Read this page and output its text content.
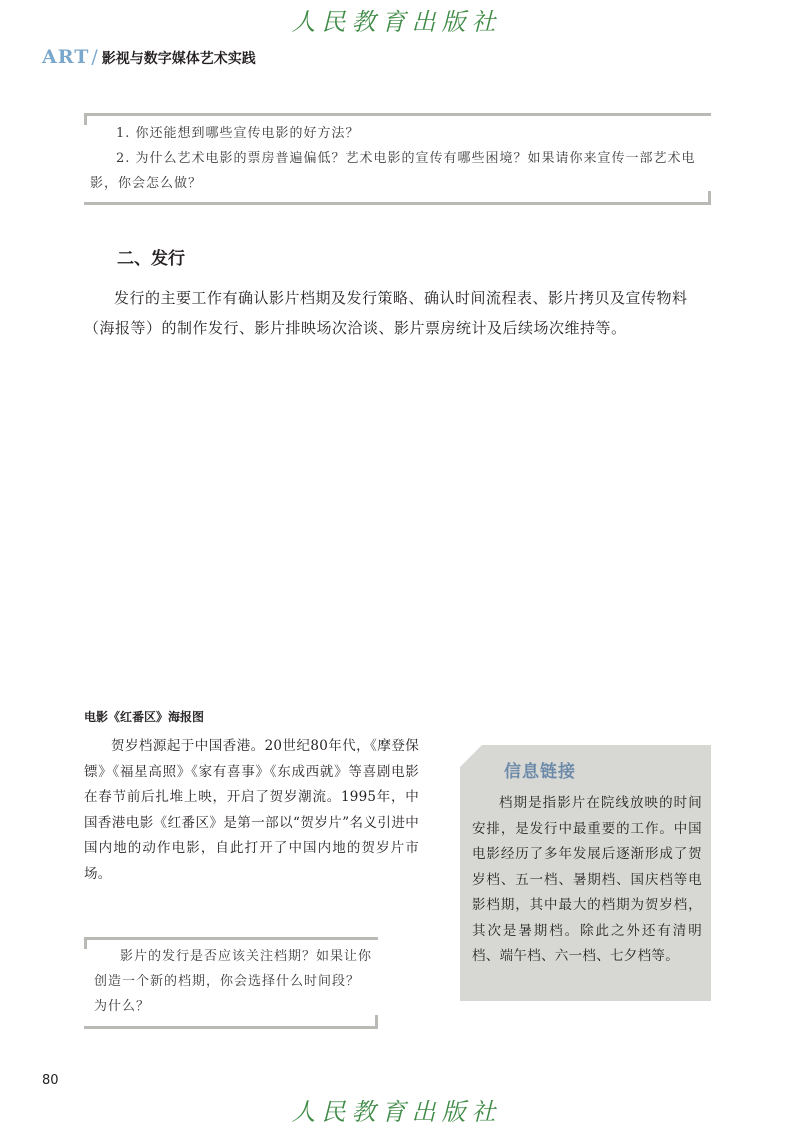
人民教育出版社
ART / 影视与数字媒体艺术实践

1. 你还能想到哪些宣传电影的好方法？

2. 为什么艺术电影的票房普遍偏低？艺术电影的宣传有哪些困境？如果请你来宣传一部艺术电影，你会怎么做？

二、发行

发行的主要工作有确认影片档期及发行策略、确认时间流程表、影片拷贝及宣传物料（海报等）的制作发行、影片排映场次洽谈、影片票房统计及后续场次维持等。

电影《红番区》海报图

贺岁档源起于中国香港。20世纪80年代，《摩登保镖》《福星高照》《家有喜事》《东成西就》等喜剧电影在春节前后扎堆上映，开启了贺岁潮流。1995年，中国香港电影《红番区》是第一部以“贺岁片”名义引进中国内地的动作电影，自此打开了中国内地的贺岁片市场。

影片的发行是否应该关注档期？如果让你创造一个新的档期，你会选择什么时间段？为什么？

信息链接

档期是指影片在院线放映的时间安排，是发行中最重要的工作。中国电影经历了多年发展后逐渐形成了贺岁档、五一档、暑期档、国庆档等电影档期，其中最大的档期为贺岁档，其次是暑期档。除此之外还有清明档、端午档、六一档、七夕档等。

80
人民教育出版社
